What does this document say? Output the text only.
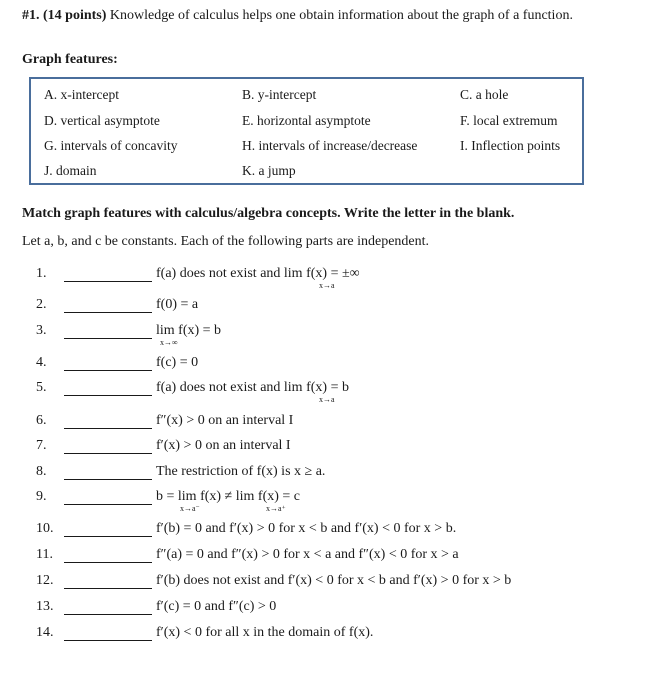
#1. (14 points) Knowledge of calculus helps one obtain information about the graph of a function.
Graph features:
A. x-intercept	B. y-intercept	C. a hole
D. vertical asymptote	E. horizontal asymptote	F. local extremum
G. intervals of concavity	H. intervals of increase/decrease	I. Inflection points
J. domain	K. a jump
Match graph features with calculus/algebra concepts. Write the letter in the blank.
Let a, b, and c be constants. Each of the following parts are independent.
1.	f(a) does not exist and lim f(x) = ±∞
x→a
2.	f(0) = a
3.	lim f(x) = b
x→∞
4.	f(c) = 0
5.	f(a) does not exist and lim f(x) = b
x→a
6.	f″(x) > 0 on an interval I
7.	f′(x) > 0 on an interval I
8.	The restriction of f(x) is x ≥ a.
9.	b = lim f(x) ≠ lim f(x) = c
x→a⁻	x→a⁺
10.	f′(b) = 0 and f′(x) > 0 for x < b and f′(x) < 0 for x > b.
11.	f″(a) = 0 and f″(x) > 0 for x < a and f″(x) < 0 for x > a
12.	f′(b) does not exist and f′(x) < 0 for x < b and f′(x) > 0 for x > b
13.	f′(c) = 0 and f″(c) > 0
14.	f′(x) < 0 for all x in the domain of f(x).
